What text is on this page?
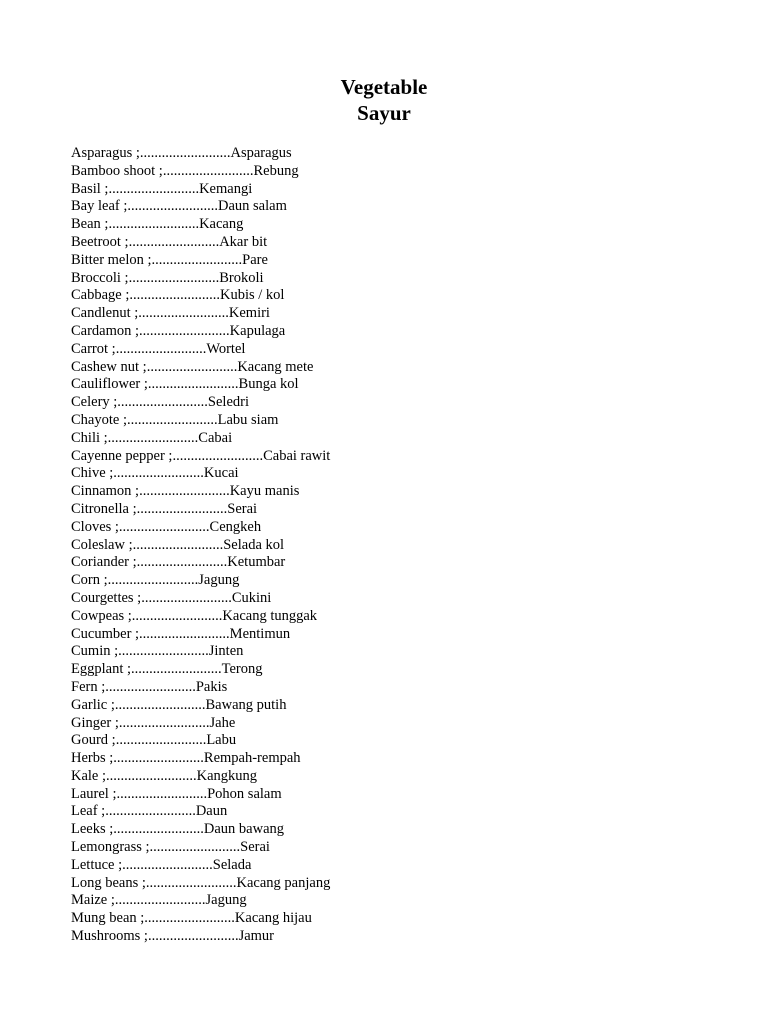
Vegetable
Sayur
Asparagus ;.........................Asparagus
Bamboo shoot ;.........................Rebung
Basil ;.........................Kemangi
Bay leaf ;.........................Daun salam
Bean ;.........................Kacang
Beetroot ;.........................Akar bit
Bitter melon ;.........................Pare
Broccoli ;.........................Brokoli
Cabbage ;.........................Kubis / kol
Candlenut ;.........................Kemiri
Cardamon ;.........................Kapulaga
Carrot ;.........................Wortel
Cashew nut ;.........................Kacang mete
Cauliflower ;.........................Bunga kol
Celery ;.........................Seledri
Chayote ;.........................Labu siam
Chili ;.........................Cabai
Cayenne pepper ;.........................Cabai rawit
Chive ;.........................Kucai
Cinnamon ;.........................Kayu manis
Citronella ;.........................Serai
Cloves ;.........................Cengkeh
Coleslaw ;.........................Selada kol
Coriander ;.........................Ketumbar
Corn ;.........................Jagung
Courgettes ;.........................Cukini
Cowpeas ;.........................Kacang tunggak
Cucumber ;.........................Mentimun
Cumin ;.........................Jinten
Eggplant ;.........................Terong
Fern ;.........................Pakis
Garlic ;.........................Bawang putih
Ginger ;.........................Jahe
Gourd ;.........................Labu
Herbs ;.........................Rempah-rempah
Kale ;.........................Kangkung
Laurel ;.........................Pohon salam
Leaf ;.........................Daun
Leeks ;.........................Daun bawang
Lemongrass ;.........................Serai
Lettuce ;.........................Selada
Long beans ;.........................Kacang panjang
Maize ;.........................Jagung
Mung bean ;.........................Kacang hijau
Mushrooms ;.........................Jamur
